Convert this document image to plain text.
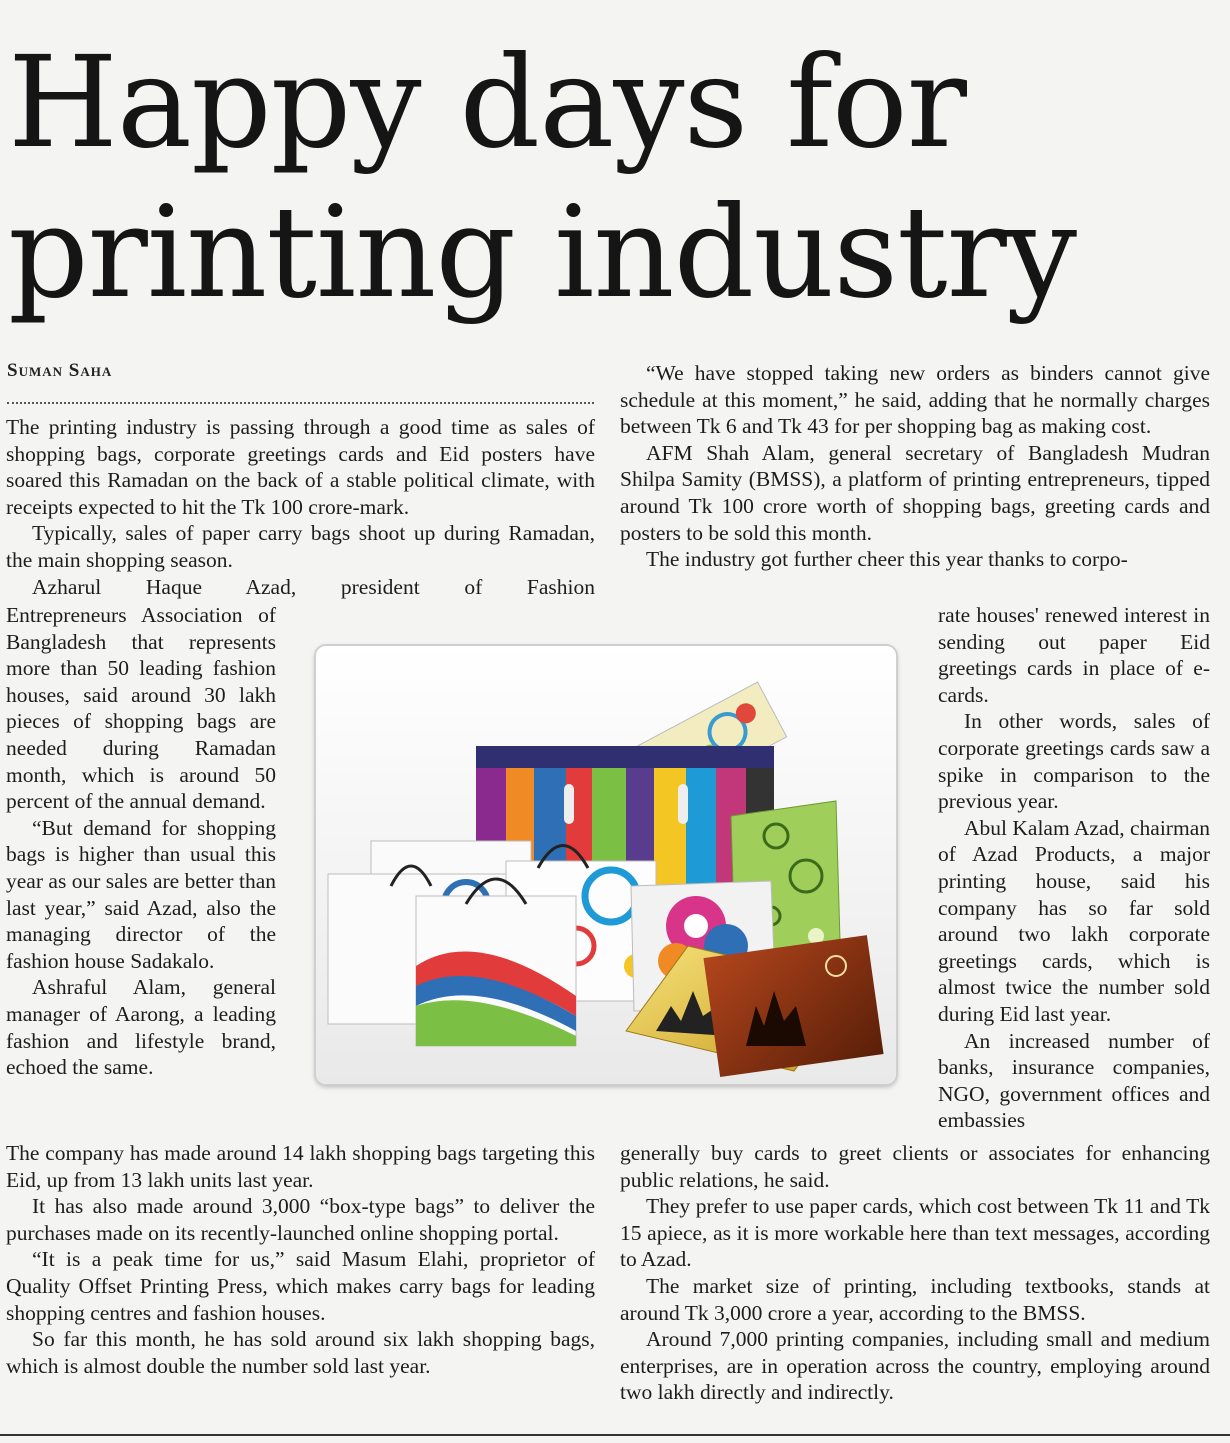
Happy days for
printing industry
Suman Saha

The printing industry is passing through a good time as sales of shopping bags, corporate greetings cards and Eid posters have soared this Ramadan on the back of a stable political climate, with receipts expected to hit the Tk 100 crore-mark.

Typically, sales of paper carry bags shoot up during Ramadan, the main shopping season.

Azharul Haque Azad, president of Fashion

Entrepreneurs Association of Bangladesh that represents more than 50 leading fashion houses, said around 30 lakh pieces of shopping bags are needed during Ramadan month, which is around 50 percent of the annual demand.

“But demand for shopping bags is higher than usual this year as our sales are better than last year,” said Azad, also the managing director of the fashion house Sadakalo.

Ashraful Alam, general manager of Aarong, a leading fashion and lifestyle brand, echoed the same.

The company has made around 14 lakh shopping bags targeting this Eid, up from 13 lakh units last year.

It has also made around 3,000 “box-type bags” to deliver the purchases made on its recently-launched online shopping portal.

“It is a peak time for us,” said Masum Elahi, proprietor of Quality Offset Printing Press, which makes carry bags for leading shopping centres and fashion houses.

So far this month, he has sold around six lakh shopping bags, which is almost double the number sold last year.

“We have stopped taking new orders as binders cannot give schedule at this moment,” he said, adding that he normally charges between Tk 6 and Tk 43 for per shopping bag as making cost.

AFM Shah Alam, general secretary of Bangladesh Mudran Shilpa Samity (BMSS), a platform of printing entrepreneurs, tipped around Tk 100 crore worth of shopping bags, greeting cards and posters to be sold this month.

The industry got further cheer this year thanks to corpo-

rate houses' renewed interest in sending out paper Eid greetings cards in place of e-cards.

In other words, sales of corporate greetings cards saw a spike in comparison to the previous year.

Abul Kalam Azad, chairman of Azad Products, a major printing house, said his company has so far sold around two lakh corporate greetings cards, which is almost twice the number sold during Eid last year.

An increased number of banks, insurance companies, NGO, government offices and embassies

generally buy cards to greet clients or associates for enhancing public relations, he said.

They prefer to use paper cards, which cost between Tk 11 and Tk 15 apiece, as it is more workable here than text messages, according to Azad.

The market size of printing, including textbooks, stands at around Tk 3,000 crore a year, according to the BMSS.

Around 7,000 printing companies, including small and medium enterprises, are in operation across the country, employing around two lakh directly and indirectly.
